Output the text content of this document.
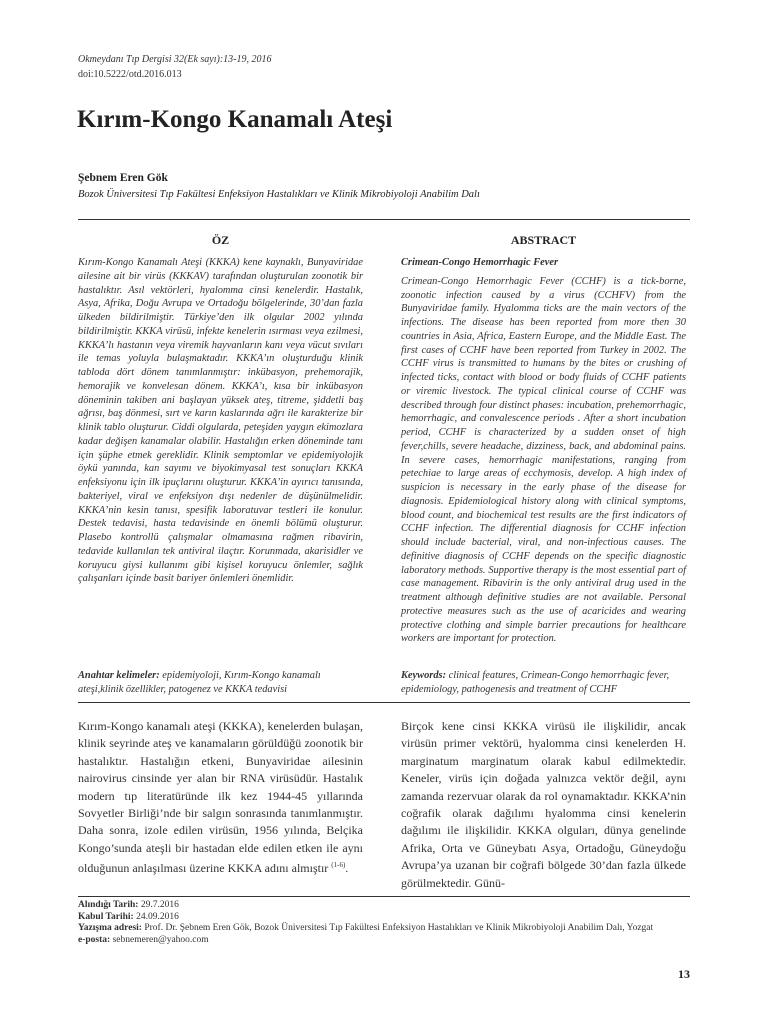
Okmeydanı Tıp Dergisi 32(Ek sayı):13-19, 2016
doi:10.5222/otd.2016.013
Kırım-Kongo Kanamalı Ateşi
Şebnem Eren Gök
Bozok Üniversitesi Tıp Fakültesi Enfeksiyon Hastalıkları ve Klinik Mikrobiyoloji Anabilim Dalı
ÖZ	ABSTRACT

Kırım-Kongo Kanamalı Ateşi (KKKA) kene kaynaklı, Bunyaviridae ailesine ait bir virüs (KKKAV) tarafından oluşturulan zoonotik bir hastalıktır. Asıl vektörleri, hyalomma cinsi kenelerdir. Hastalık, Asya, Afrika, Doğu Avrupa ve Ortadoğu bölgelerinde, 30’dan fazla ülkeden bildirilmiştir. Türkiye’den ilk olgular 2002 yılında bildirilmiştir. KKKA virüsü, infekte kenelerin ısırması veya ezilmesi, KKKA’lı hastanın veya viremik hayvanların kanı veya vücut sıvıları ile temas yoluyla bulaşmaktadır. KKKA’ın oluşturduğu klinik tabloda dört dönem tanımlanmıştır: inkübasyon, prehemorajik, hemorajik ve konvelesan dönem. KKKA’ı, kısa bir inkübasyon döneminin takiben ani başlayan yüksek ateş, titreme, şiddetli baş ağrısı, baş dönmesi, sırt ve karın kaslarında ağrı ile karakterize bir klinik tablo oluşturur. Ciddi olgularda, peteşiden yaygın ekimozlara kadar değişen kanamalar olabilir. Hastalığın erken döneminde tanı için şüphe etmek gereklidir. Klinik semptomlar ve epidemiyolojik öykü yanında, kan sayımı ve biyokimyasal test sonuçları KKKA enfeksiyonu için ilk ipuçlarını oluşturur. KKKA’in ayırıcı tanısında, bakteriyel, viral ve enfeksiyon dışı nedenler de düşünülmelidir. KKKA’nin kesin tanısı, spesifik laboratuvar testleri ile konulur. Destek tedavisi, hasta tedavisinde en önemli bölümü oluşturur. Plasebo kontrollü çalışmalar olmamasına rağmen ribavirin, tedavide kullanılan tek antiviral ilaçtır. Korunmada, akarisidler ve koruyucu giysi kullanımı gibi kişisel koruyucu önlemler, sağlık çalışanları içinde basit bariyer önlemleri önemlidir.

Crimean-Congo Hemorrhagic Fever

Crimean-Congo Hemorrhagic Fever (CCHF) is a tick-borne, zoonotic infection caused by a virus (CCHFV) from the Bunyaviridae family. Hyalomma ticks are the main vectors of the infections. The disease has been reported from more then 30 countries in Asia, Africa, Eastern Europe, and the Middle East. The first cases of CCHF have been reported from Turkey in 2002. The CCHF virus is transmitted to humans by the bites or crushing of infected ticks, contact with blood or body fluids of CCHF patients or viremic livestock. The typical clinical course of CCHF was described through four distinct phases: incubation, prehemorrhagic, hemorrhagic, and convalescence periods . After a short incubation period, CCHF is characterized by a sudden onset of high fever,chills, severe headache, dizziness, back, and abdominal pains. In severe cases, hemorrhagic manifestations, ranging from petechiae to large areas of ecchymosis, develop. A high index of suspicion is necessary in the early phase of the disease for diagnosis. Epidemiological history along with clinical symptoms, blood count, and biochemical test results are the first indicators of CCHF infection. The differential diagnosis for CCHF infection should include bacterial, viral, and non-infectious causes. The definitive diagnosis of CCHF depends on the specific diagnostic laboratory methods. Supportive therapy is the most essential part of case management. Ribavirin is the only antiviral drug used in the treatment although definitive studies are not available. Personal protective measures such as the use of acaricides and wearing protective clothing and simple barrier precautions for healthcare workers are important for protection.

Anahtar kelimeler: epidemiyoloji, Kırım-Kongo kanamalı ateşi,klinik özellikler, patogenez ve KKKA tedavisi
Keywords: clinical features, Crimean-Congo hemorrhagic fever, epidemiology, pathogenesis and treatment of CCHF

Kırım-Kongo kanamalı ateşi (KKKA), kenelerden bulaşan, klinik seyrinde ateş ve kanamaların görüldüğü zoonotik bir hastalıktır. Hastalığın etkeni, Bunyaviridae ailesinin nairovirus cinsinde yer alan bir RNA virüsüdür. Hastalık modern tıp literatüründe ilk kez 1944-45 yıllarında Sovyetler Birliği’nde bir salgın sonrasında tanımlanmıştır. Daha sonra, izole edilen virüsün, 1956 yılında, Belçika Kongo’sunda ateşli bir hastadan elde edilen etken ile aynı olduğunun anlaşılması üzerine KKKA adını almıştır $^{(1-6)}$.

Birçok kene cinsi KKKA virüsü ile ilişkilidir, ancak virüsün primer vektörü, hyalomma cinsi kenelerden H. marginatum marginatum olarak kabul edilmektedir. Keneler, virüs için doğada yalnızca vektör değil, aynı zamanda rezervuar olarak da rol oynamaktadır. KKKA’nin coğrafik olarak dağılımı hyalomma cinsi kenelerin dağılımı ile ilişkilidir. KKKA olguları, dünya genelinde Afrika, Orta ve Güneybatı Asya, Ortadoğu, Güneydoğu Avrupa’ya uzanan bir coğrafi bölgede 30’dan fazla ülkede görülmektedir. Günü-

Alındığı Tarih: 29.7.2016
Kabul Tarihi: 24.09.2016
Yazışma adresi: Prof. Dr. Şebnem Eren Gök, Bozok Üniversitesi Tıp Fakültesi Enfeksiyon Hastalıkları ve Klinik Mikrobiyoloji Anabilim Dalı, Yozgat
e-posta: sebnemeren@yahoo.com
13
